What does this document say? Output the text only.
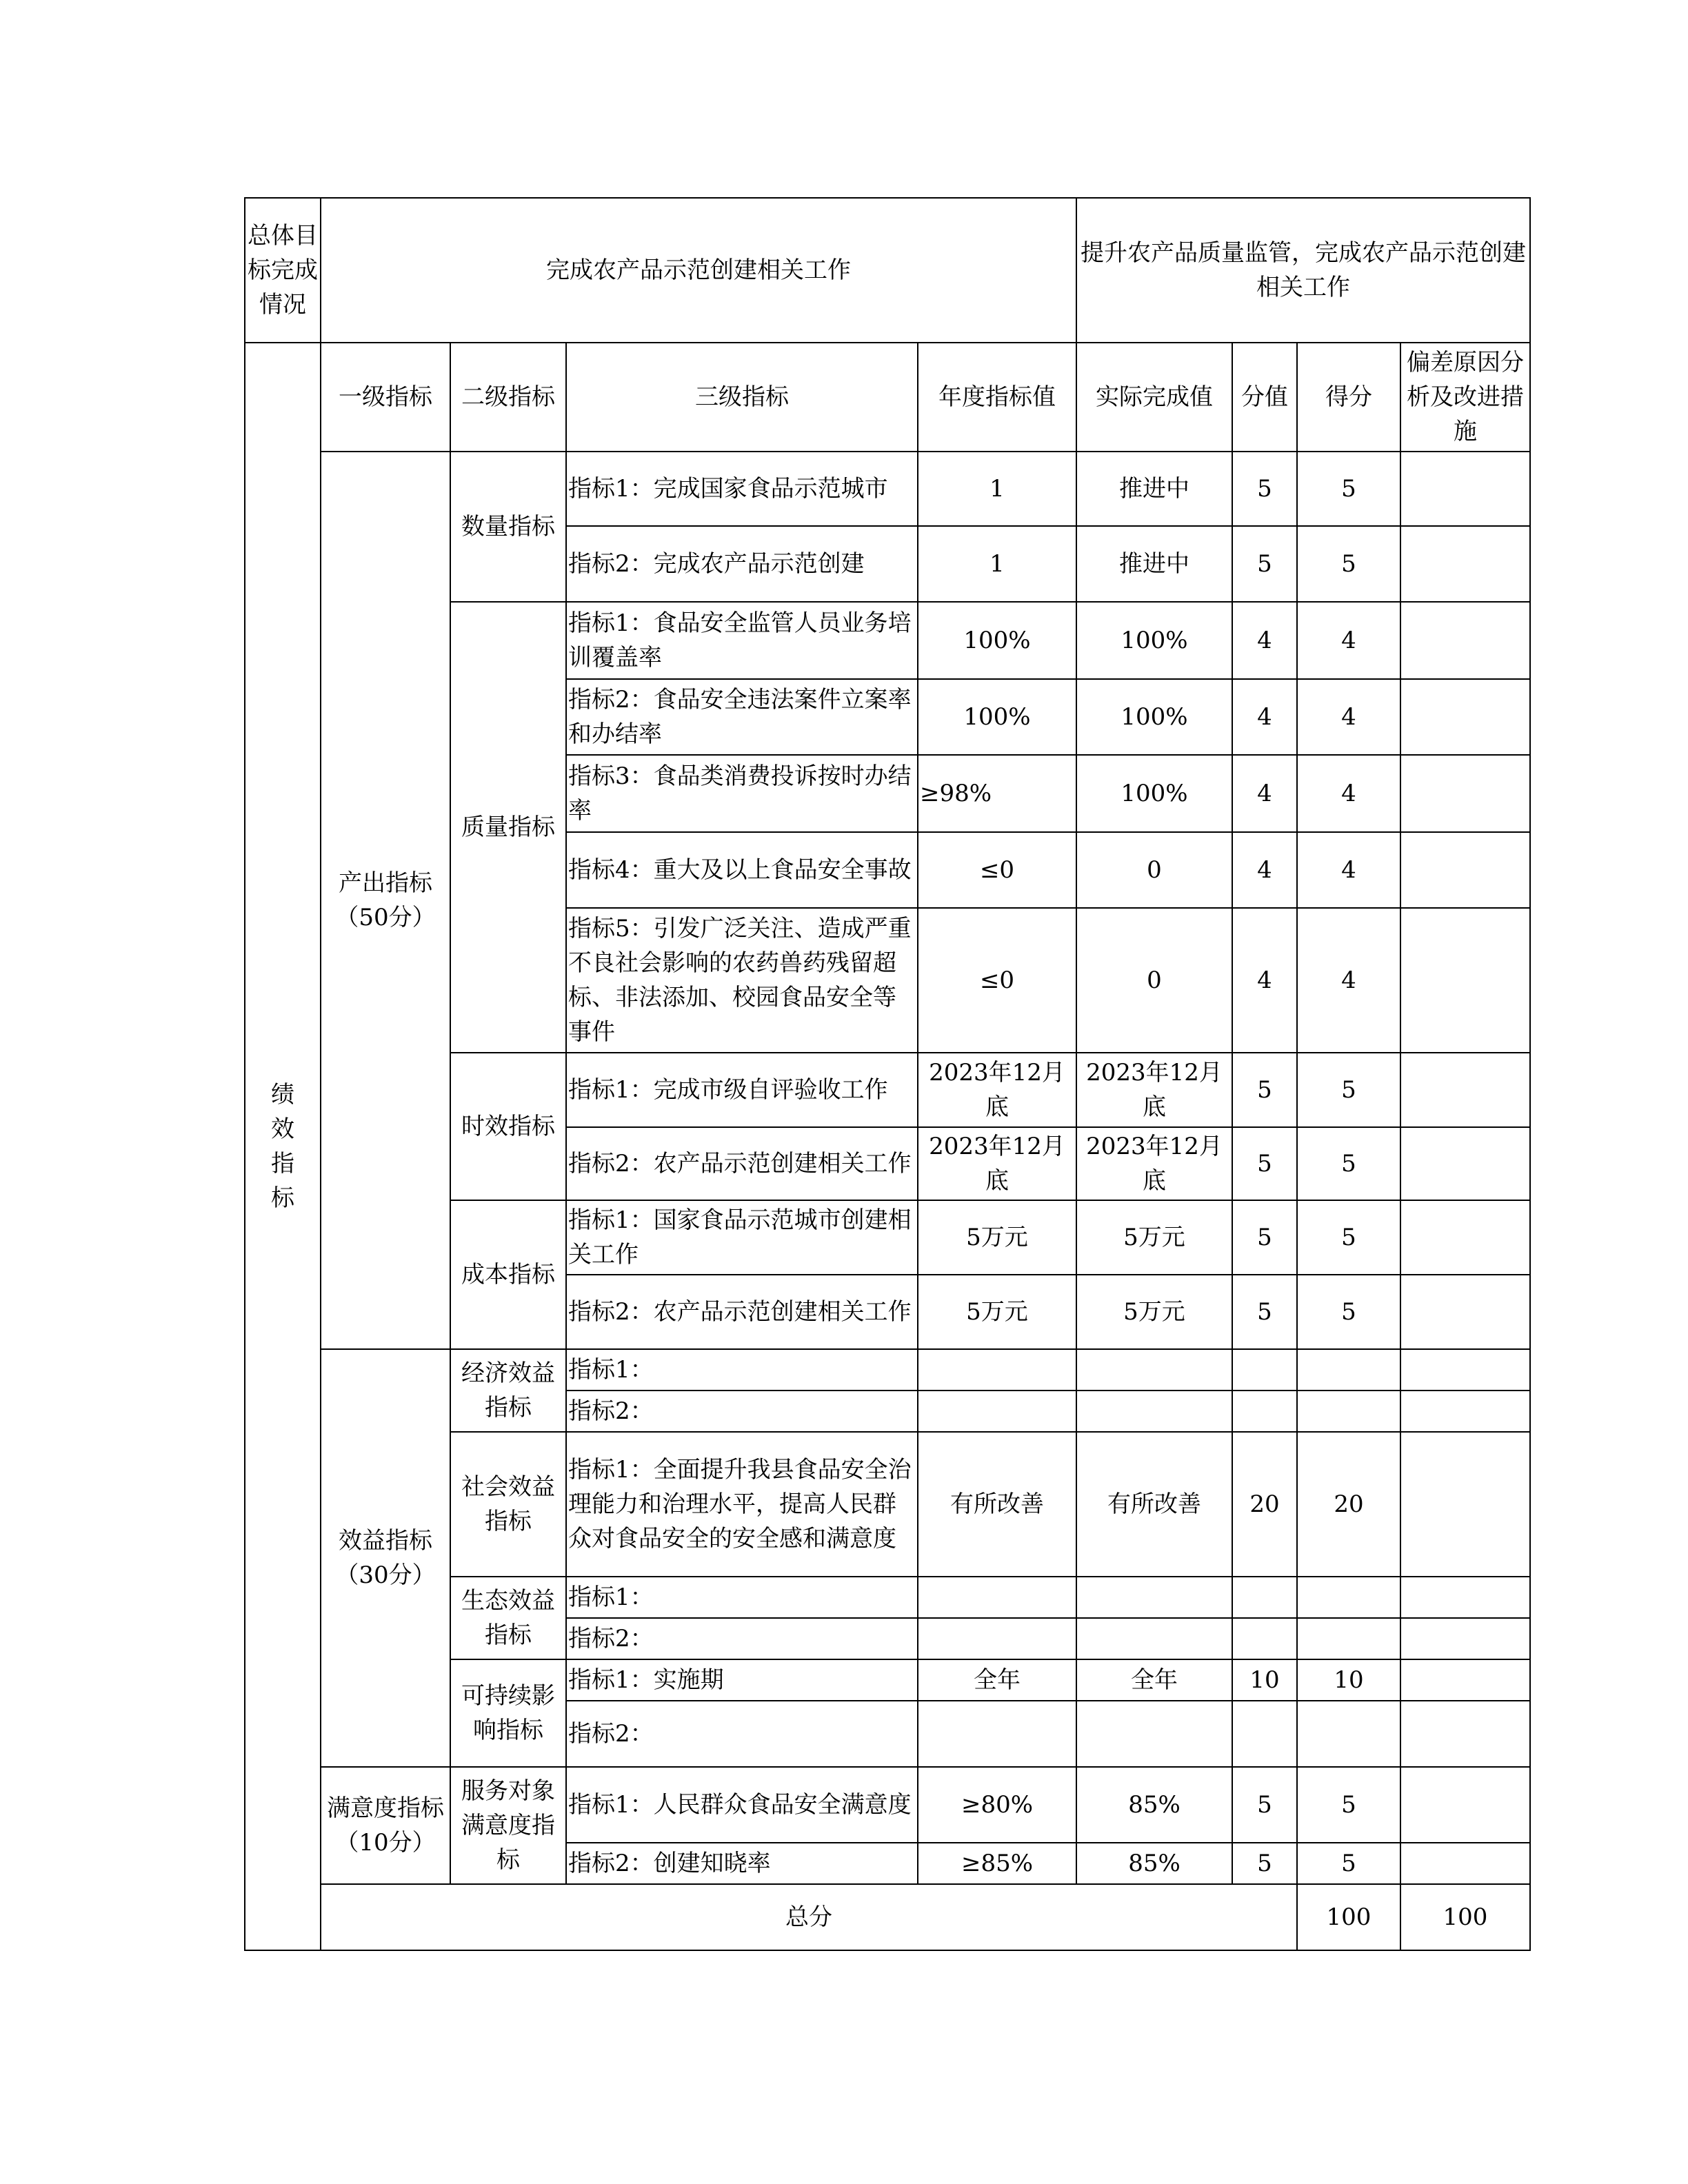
总体目标完成情况	完成农产品示范创建相关工作				提升农产品质量监管，完成农产品示范创建相关工作				
绩效指标	一级指标	二级指标	三级指标	年度指标值	实际完成值	分值	得分	偏差原因分析及改进措施	
	产出指标（50分）	数量指标	指标1：完成国家食品示范城市	1	推进中	5	5		
			指标2：完成农产品示范创建	1	推进中	5	5		
		质量指标	指标1：食品安全监管人员业务培训覆盖率	100%	100%	4	4		
			指标2：食品安全违法案件立案率和办结率	100%	100%	4	4		
			指标3：食品类消费投诉按时办结率	≥98%	100%	4	4		
			指标4：重大及以上食品安全事故	≤0	0	4	4		
			指标5：引发广泛关注、造成严重不良社会影响的农药兽药残留超标、非法添加、校园食品安全等事件	≤0	0	4	4		
		时效指标	指标1：完成市级自评验收工作	2023年12月底	2023年12月底	5	5		
			指标2：农产品示范创建相关工作	2023年12月底	2023年12月底	5	5		
		成本指标	指标1：国家食品示范城市创建相关工作	5万元	5万元	5	5		
			指标2：农产品示范创建相关工作	5万元	5万元	5	5		
	效益指标（30分）	经济效益指标	指标1：						
			指标2：						
		社会效益指标	指标1：全面提升我县食品安全治理能力和治理水平，提高人民群众对食品安全的安全感和满意度	有所改善	有所改善	20	20		
		生态效益指标	指标1：						
			指标2：						
		可持续影响指标	指标1：实施期	全年	全年	10	10		
			指标2：						
	满意度指标（10分）	服务对象满意度指标	指标1：人民群众食品安全满意度	≥80%	85%	5	5		
			指标2：创建知晓率	≥85%	85%	5	5		
	总分						100	100	
